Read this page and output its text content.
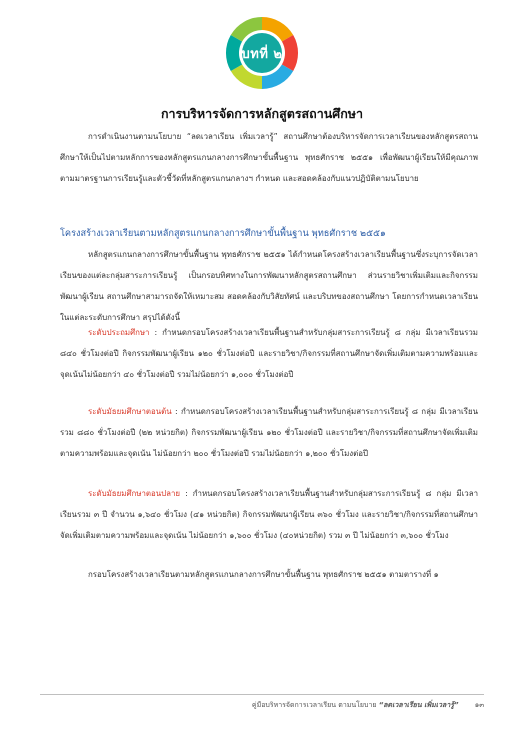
บทที่ ๒
การบริหารจัดการหลักสูตรสถานศึกษา
การดำเนินงานตามนโยบาย “ลดเวลาเรียน เพิ่มเวลารู้” สถานศึกษาต้องบริหารจัดการเวลาเรียนของหลักสูตรสถานศึกษาให้เป็นไปตามหลักการของหลักสูตรแกนกลางการศึกษาขั้นพื้นฐาน พุทธศักราช ๒๕๕๑ เพื่อพัฒนาผู้เรียนให้มีคุณภาพตามมาตรฐานการเรียนรู้และตัวชี้วัดที่หลักสูตรแกนกลางฯ กำหนด และสอดคล้องกับแนวปฏิบัติตามนโยบาย
โครงสร้างเวลาเรียนตามหลักสูตรแกนกลางการศึกษาขั้นพื้นฐาน พุทธศักราช ๒๕๕๑
หลักสูตรแกนกลางการศึกษาขั้นพื้นฐาน พุทธศักราช ๒๕๕๑ ได้กำหนดโครงสร้างเวลาเรียนพื้นฐานซึ่งระบุการจัดเวลาเรียนของแต่ละกลุ่มสาระการเรียนรู้ เป็นกรอบทิศทางในการพัฒนาหลักสูตรสถานศึกษา ส่วนรายวิชาเพิ่มเติมและกิจกรรมพัฒนาผู้เรียน สถานศึกษาสามารถจัดให้เหมาะสม สอดคล้องกับวิสัยทัศน์ และบริบทของสถานศึกษา โดยการกำหนดเวลาเรียนในแต่ละระดับการศึกษา สรุปได้ดังนี้
ระดับประถมศึกษา : กำหนดกรอบโครงสร้างเวลาเรียนพื้นฐานสำหรับกลุ่มสาระการเรียนรู้ ๘ กลุ่ม มีเวลาเรียนรวม ๘๔๐ ชั่วโมงต่อปี กิจกรรมพัฒนาผู้เรียน ๑๒๐ ชั่วโมงต่อปี และรายวิชา/กิจกรรมที่สถานศึกษาจัดเพิ่มเติมตามความพร้อมและจุดเน้นไม่น้อยกว่า ๔๐ ชั่วโมงต่อปี รวมไม่น้อยกว่า ๑,๐๐๐ ชั่วโมงต่อปี
ระดับมัธยมศึกษาตอนต้น : กำหนดกรอบโครงสร้างเวลาเรียนพื้นฐานสำหรับกลุ่มสาระการเรียนรู้ ๘ กลุ่ม มีเวลาเรียนรวม ๘๘๐ ชั่วโมงต่อปี (๒๒ หน่วยกิต) กิจกรรมพัฒนาผู้เรียน ๑๒๐ ชั่วโมงต่อปี และรายวิชา/กิจกรรมที่สถานศึกษาจัดเพิ่มเติมตามความพร้อมและจุดเน้น ไม่น้อยกว่า ๒๐๐ ชั่วโมงต่อปี รวมไม่น้อยกว่า ๑,๒๐๐ ชั่วโมงต่อปี
ระดับมัธยมศึกษาตอนปลาย : กำหนดกรอบโครงสร้างเวลาเรียนพื้นฐานสำหรับกลุ่มสาระการเรียนรู้ ๘ กลุ่ม มีเวลาเรียนรวม ๓ ปี จำนวน ๑,๖๔๐ ชั่วโมง (๔๑ หน่วยกิต) กิจกรรมพัฒนาผู้เรียน ๓๖๐ ชั่วโมง และรายวิชา/กิจกรรมที่สถานศึกษาจัดเพิ่มเติมตามความพร้อมและจุดเน้น ไม่น้อยกว่า ๑,๖๐๐ ชั่วโมง (๔๐หน่วยกิต) รวม ๓ ปี ไม่น้อยกว่า ๓,๖๐๐ ชั่วโมง
กรอบโครงสร้างเวลาเรียนตามหลักสูตรแกนกลางการศึกษาขั้นพื้นฐาน พุทธศักราช ๒๕๕๑ ตามตารางที่ ๑
คู่มือบริหารจัดการเวลาเรียน ตามนโยบาย “ลดเวลาเรียน เพิ่มเวลารู้” ๑๓
